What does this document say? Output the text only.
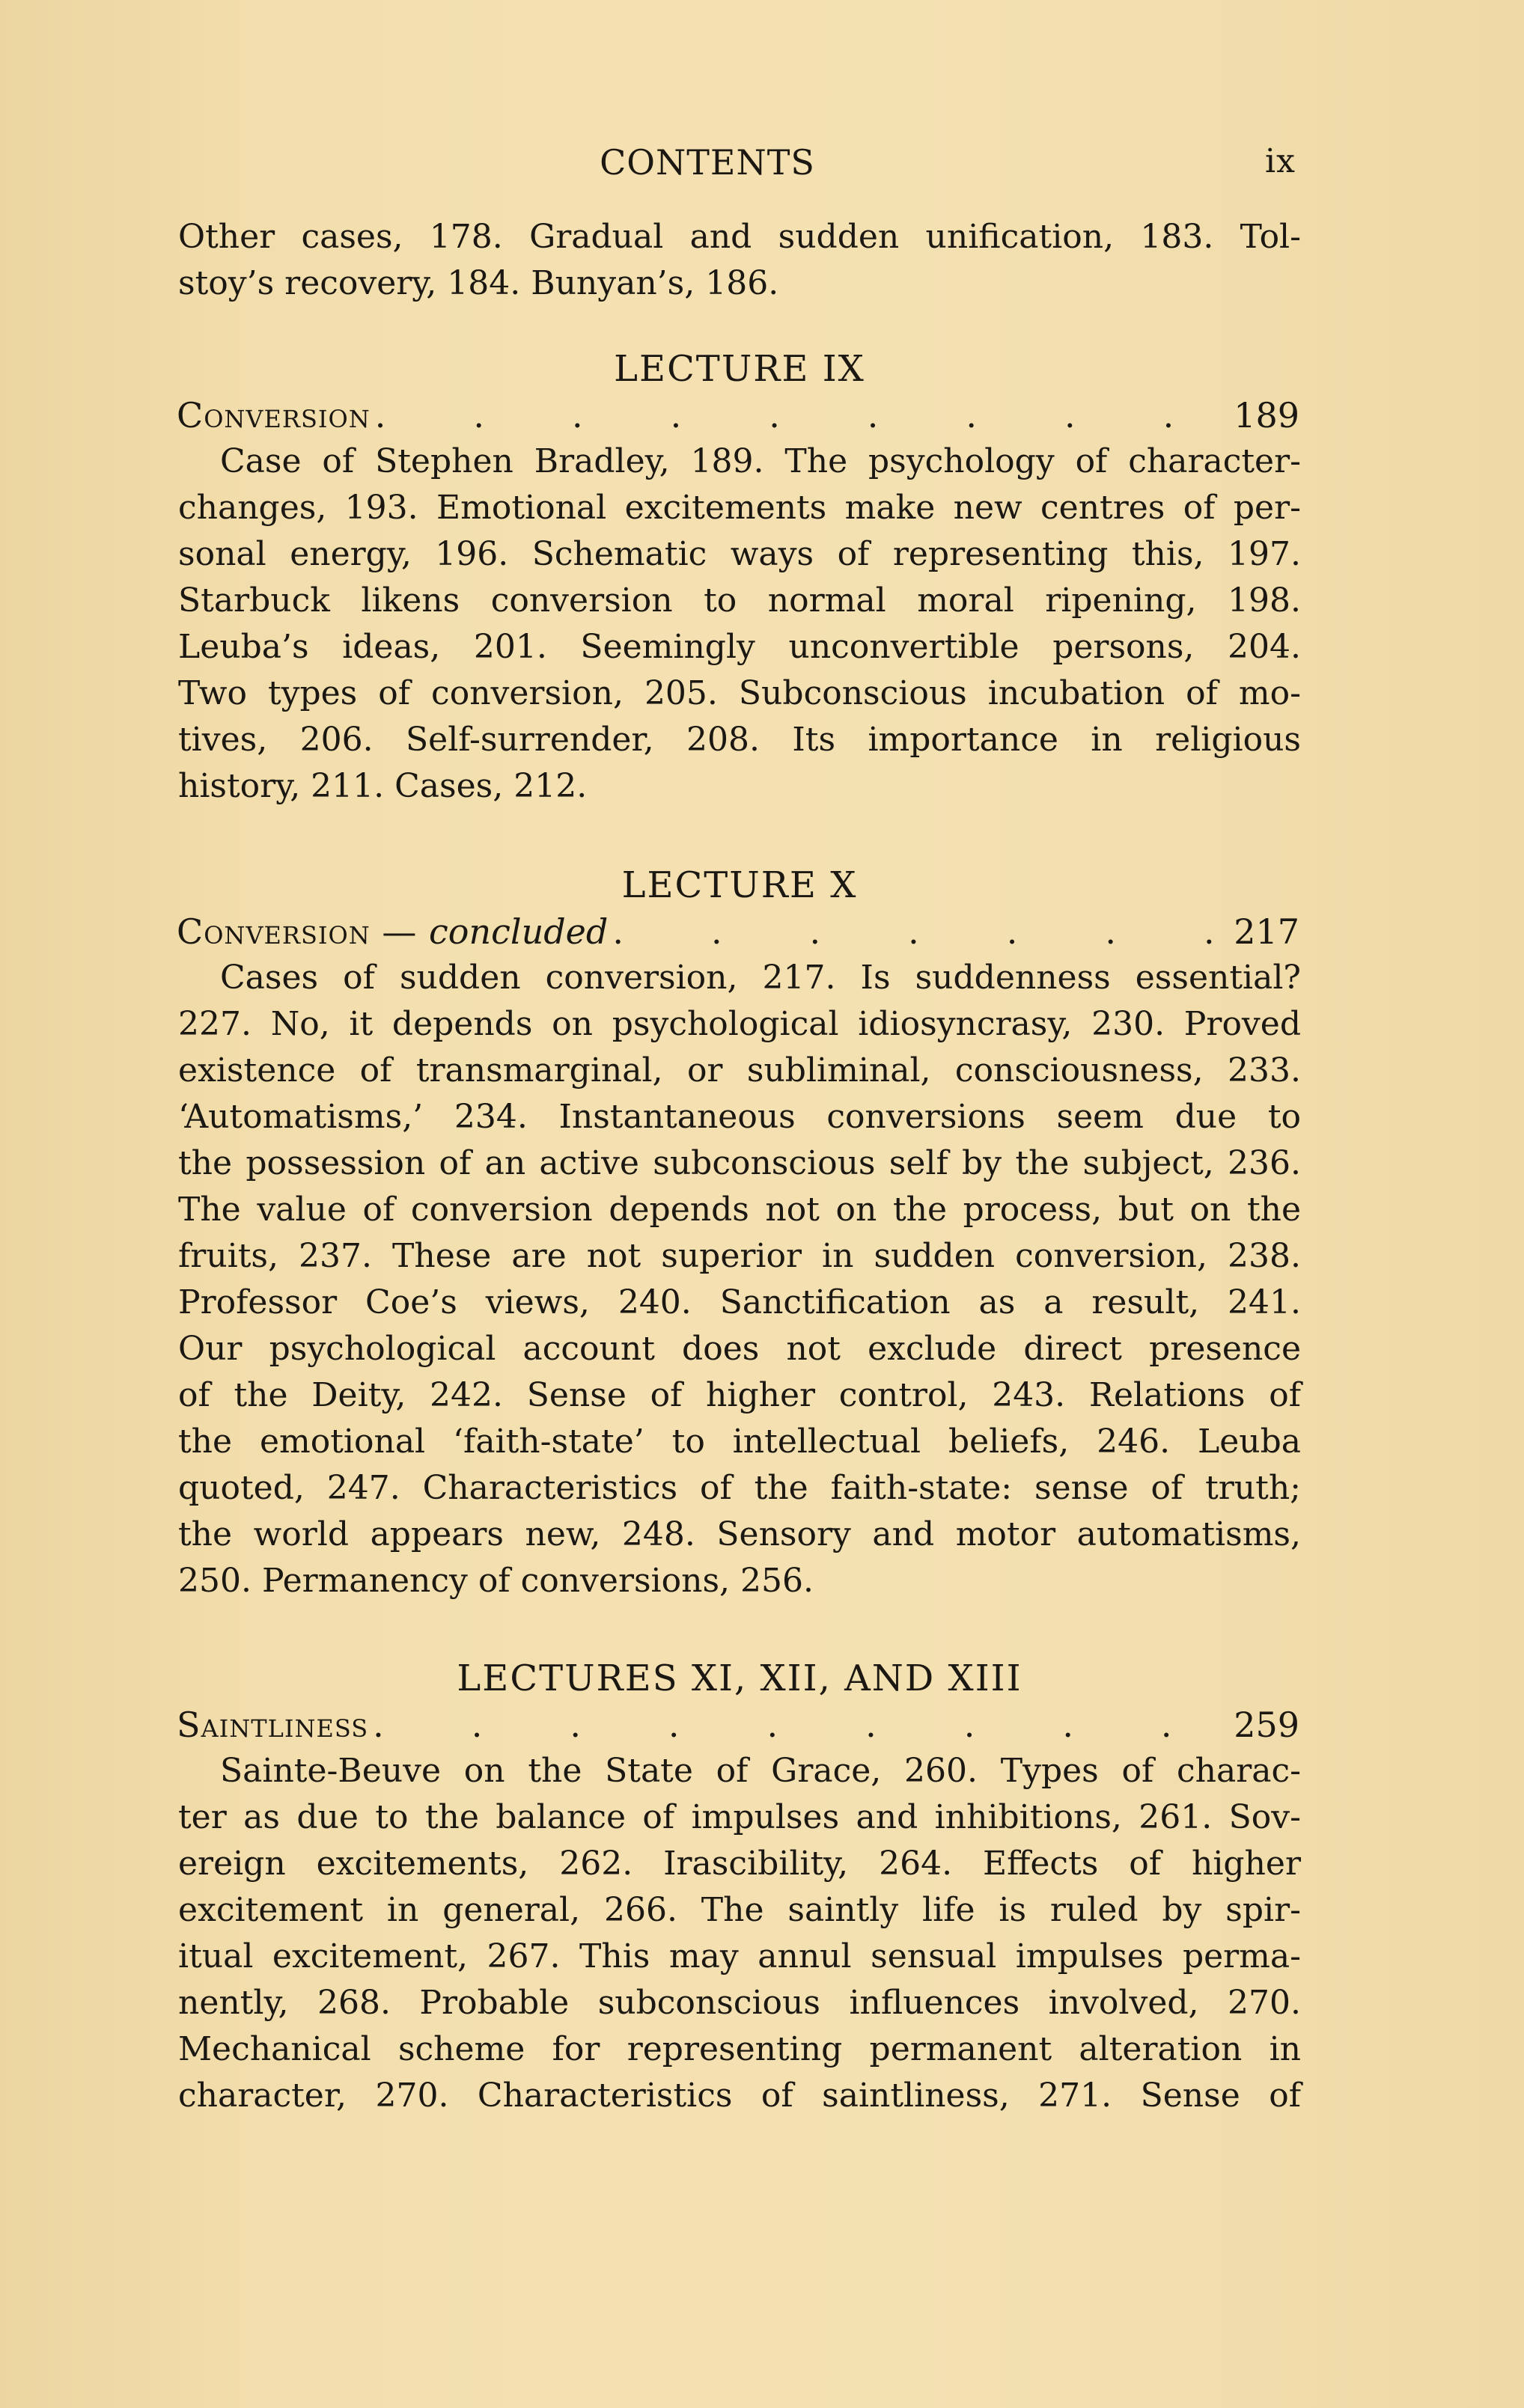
CONTENTS	ix
Other cases, 178. Gradual and sudden unification, 183. Tol-
stoy’s recovery, 184. Bunyan’s, 186.
LECTURE IX
Conversion .	189
Case of Stephen Bradley, 189. The psychology of character-
changes, 193. Emotional excitements make new centres of per-
sonal energy, 196. Schematic ways of representing this, 197.
Starbuck likens conversion to normal moral ripening, 198.
Leuba’s ideas, 201. Seemingly unconvertible persons, 204.
Two types of conversion, 205. Subconscious incubation of mo-
tives, 206. Self-surrender, 208. Its importance in religious
history, 211. Cases, 212.
LECTURE X
Conversion — concluded .	217
Cases of sudden conversion, 217. Is suddenness essential?
227. No, it depends on psychological idiosyncrasy, 230. Proved
existence of transmarginal, or subliminal, consciousness, 233.
‘Automatisms,’ 234. Instantaneous conversions seem due to
the possession of an active subconscious self by the subject, 236.
The value of conversion depends not on the process, but on the
fruits, 237. These are not superior in sudden conversion, 238.
Professor Coe’s views, 240. Sanctification as a result, 241.
Our psychological account does not exclude direct presence
of the Deity, 242. Sense of higher control, 243. Relations of
the emotional ‘faith-state’ to intellectual beliefs, 246. Leuba
quoted, 247. Characteristics of the faith-state: sense of truth;
the world appears new, 248. Sensory and motor automatisms,
250. Permanency of conversions, 256.
LECTURES XI, XII, AND XIII
Saintliness .	259
Sainte-Beuve on the State of Grace, 260. Types of charac-
ter as due to the balance of impulses and inhibitions, 261. Sov-
ereign excitements, 262. Irascibility, 264. Effects of higher
excitement in general, 266. The saintly life is ruled by spir-
itual excitement, 267. This may annul sensual impulses perma-
nently, 268. Probable subconscious influences involved, 270.
Mechanical scheme for representing permanent alteration in
character, 270. Characteristics of saintliness, 271. Sense of
